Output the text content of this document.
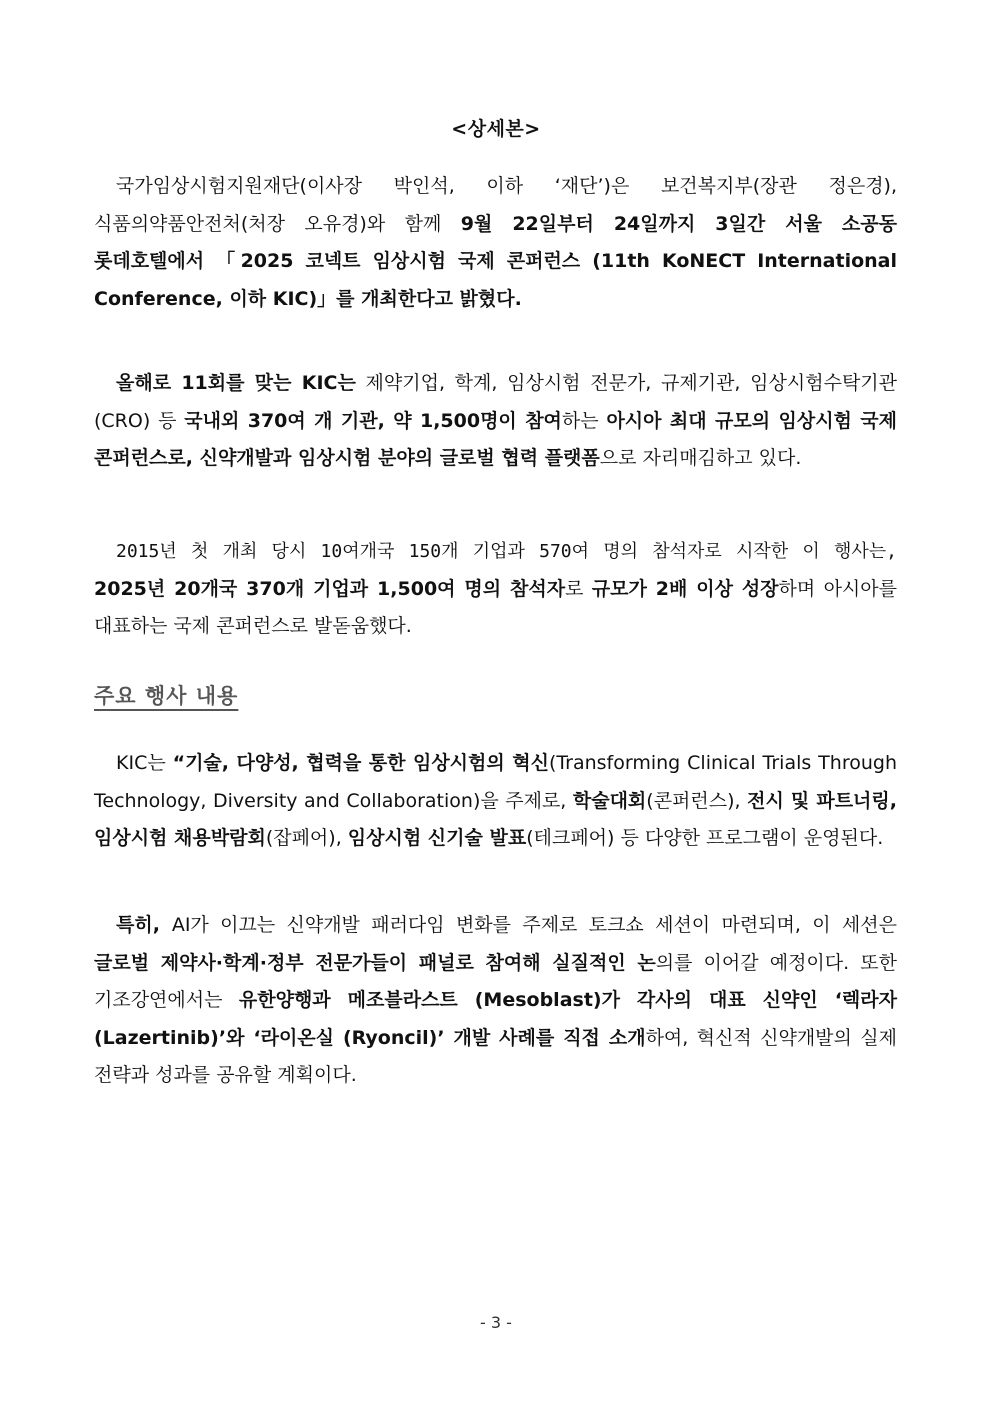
<상세본>
국가임상시험지원재단(이사장 박인석, 이하 ‘재단’)은 보건복지부(장관 정은경), 식품의약품안전처(처장 오유경)와 함께 9월 22일부터 24일까지 3일간 서울 소공동 롯데호텔에서 「2025 코넥트 임상시험 국제 콘퍼런스 (11th KoNECT International Conference, 이하 KIC)」를 개최한다고 밝혔다.
올해로 11회를 맞는 KIC는 제약기업, 학계, 임상시험 전문가, 규제기관, 임상시험수탁기관(CRO) 등 국내외 370여 개 기관, 약 1,500명이 참여하는 아시아 최대 규모의 임상시험 국제 콘퍼런스로, 신약개발과 임상시험 분야의 글로벌 협력 플랫폼으로 자리매김하고 있다.
2015년 첫 개최 당시 10여개국 150개 기업과 570여 명의 참석자로 시작한 이 행사는, 2025년 20개국 370개 기업과 1,500여 명의 참석자로 규모가 2배 이상 성장하며 아시아를 대표하는 국제 콘퍼런스로 발돋움했다.
주요 행사 내용
KIC는 “기술, 다양성, 협력을 통한 임상시험의 혁신(Transforming Clinical Trials Through Technology, Diversity and Collaboration)을 주제로, 학술대회(콘퍼런스), 전시 및 파트너링, 임상시험 채용박람회(잡페어), 임상시험 신기술 발표(테크페어) 등 다양한 프로그램이 운영된다.
특히, AI가 이끄는 신약개발 패러다임 변화를 주제로 토크쇼 세션이 마련되며, 이 세션은 글로벌 제약사·학계·정부 전문가들이 패널로 참여해 실질적인 논의를 이어갈 예정이다. 또한 기조강연에서는 유한양행과 메조블라스트 (Mesoblast)가 각사의 대표 신약인 ‘렉라자(Lazertinib)’와 ‘라이온실 (Ryoncil)’ 개발 사례를 직접 소개하여, 혁신적 신약개발의 실제 전략과 성과를 공유할 계획이다.
- 3 -
